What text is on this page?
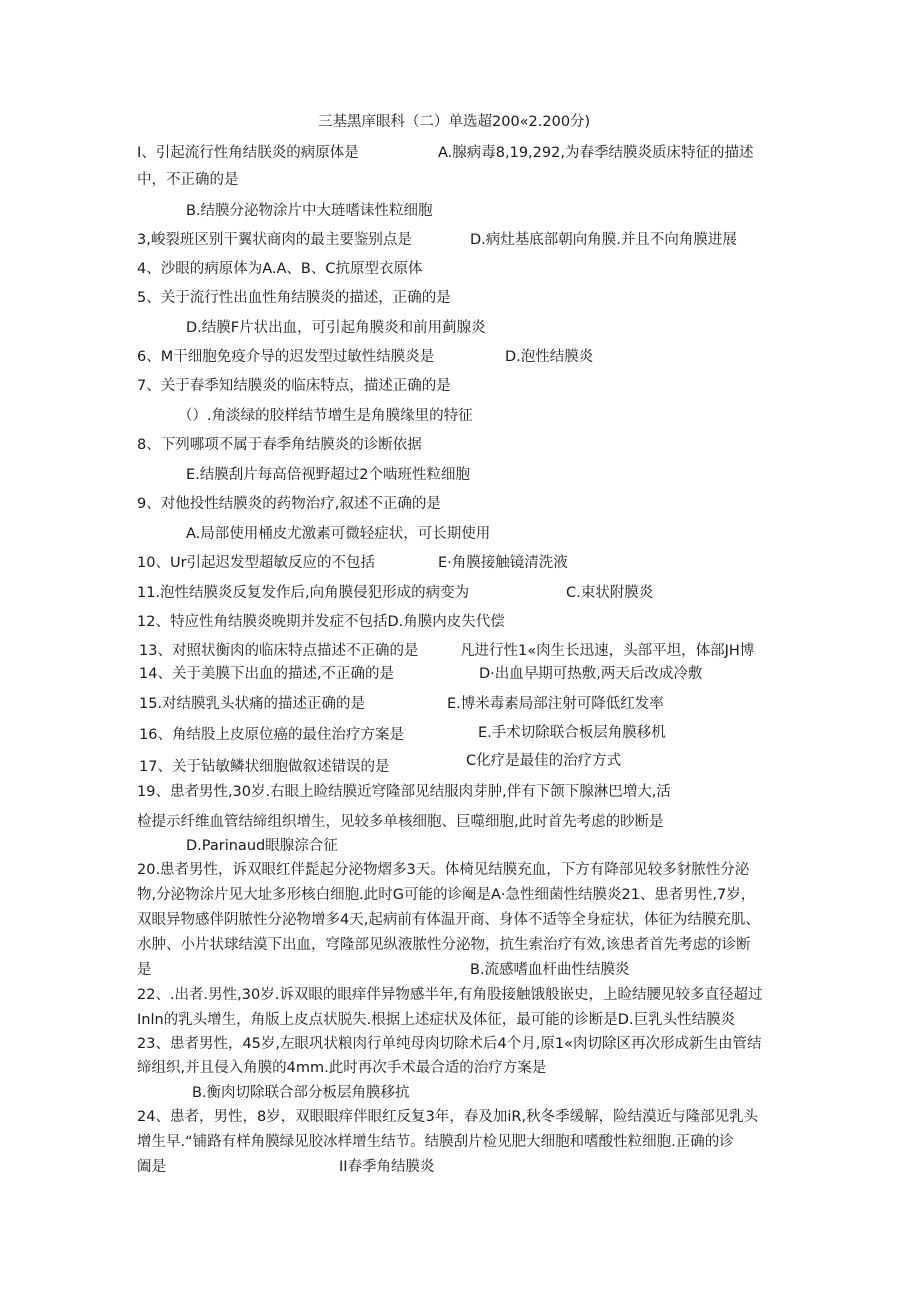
三基黑庠眼科（二）单选超200«2.200分)
I、引起流行性角结朕炎的病原体是	A.腺病毒8,19,292,为春季结膜炎质床特征的描述
中，不正确的是
B.结膜分泌物涂片中大琏嗜诔性粒细胞
3,峻裂班区别干翼状商肉的最主要鉴别点是	D.病灶基底部朝向角膜.并且不向角膜进展
4、沙眼的病原体为A.A、B、C抗原型衣原体
5、关于流行性出血性角结膜炎的描述，正确的是
D.结膜F片状出血，可引起角膜炎和前用蓟腺炎
6、M干细胞免疫介导的迟发型过敏性结膜炎是	D.泡性结膜炎
7、关于春季知结膜炎的临床特点，描述正确的是
（）.角淡绿的胶样结节增生是角膜缘里的特征
8、下列哪项不属于春季角结膜炎的诊断依据
E.结膜刮片每高倍视野超过2个啮班性粒细胞
9、对他投性结膜炎的药物治疗,叙述不正确的是
A.局部使用桶皮尤激素可微轻症状，可长期使用
10、Ur引起迟发型超敏反应的不包括	E·角膜接触镜清洗液
11.泡性结膜炎反复发作后,向角膜侵犯形成的病变为	C.束状附膜炎
12、特应性角结膜炎晚期并发症不包括D.角膜内皮失代偿
13、对照状衡肉的临床特点描述不正确的是	凡进行性1«肉生长迅速，头部平坦，体部JH博
14、关于美膜下出血的描述,不正确的是	D·出血早期可热敷,两天后改成冷敷
15.对结膜乳头状痛的描述正确的是	E.博米毒素局部注射可降低红发率
16、角结股上皮原位癌的最住治疗方案是	E.手术切除联合板层角膜移机
17、关于钻敏鳞状细胞做叙述错误的是	C化疗是最佳的治疗方式
19、患者男性,30岁.右眼上睑结膜近穹隆部见结服肉芽肿,伴有下颌下腺淋巴増大,活
检提示纤维血管结缔组织增生，见较多单核细胞、巨噬细胞,此时首先考虑的眇断是
D.Parinaud眼腺淙合征
20.患者男性，诉双眼红伴髭起分泌物熠多3天。体椅见结膜充血，下方有降部见较多豺脓性分泌
物,分泌物涂片见大址多形核白细胞.此时G可能的诊阉是A·急性细菌性结膜炎21、患者男性,7岁，
双眼异物感伴阴脓性分泌物增多4天,起病前有体温开商、身体不适等全身症状，体征为结膜充肌、
水肿、小片状球结漠下出血，穹隆部见纵液脓性分泌物，抗生索治疗有效,该患者首先考虑的诊断
是	B.流感嗜血杆曲性结膜炎
22、.出者.男性,30岁.诉双眼的眼痒伴异物感半年,有角股接触饿般嵌史，上睑结腰见较多直径超过
Inln的乳头增生，角版上皮点状脱失.根据上述症状及体征，最可能的诊断是D.巨乳头性结膜炎
23、患者男性，45岁,左眼巩状粮肉行单纯母肉切除术后4个月,原1«肉切除区再次形成新生由管结
缔组织,并且侵入角膜的4mm.此时再次手术最合适的治疗方案是
B.衡肉切除联合部分板层角膜移抗
24、患者，男性，8岁，双眼眼痒伴眼红反复3年，春及加iR,秋冬季缓解，险结漠近与隆部见乳头
增生早.“铺路有样角膜绿见胶冰样增生结节。结膜刮片检见肥大细胞和嗜酸性粒细胞.正确的诊
阖是	II春季角结膜炎
